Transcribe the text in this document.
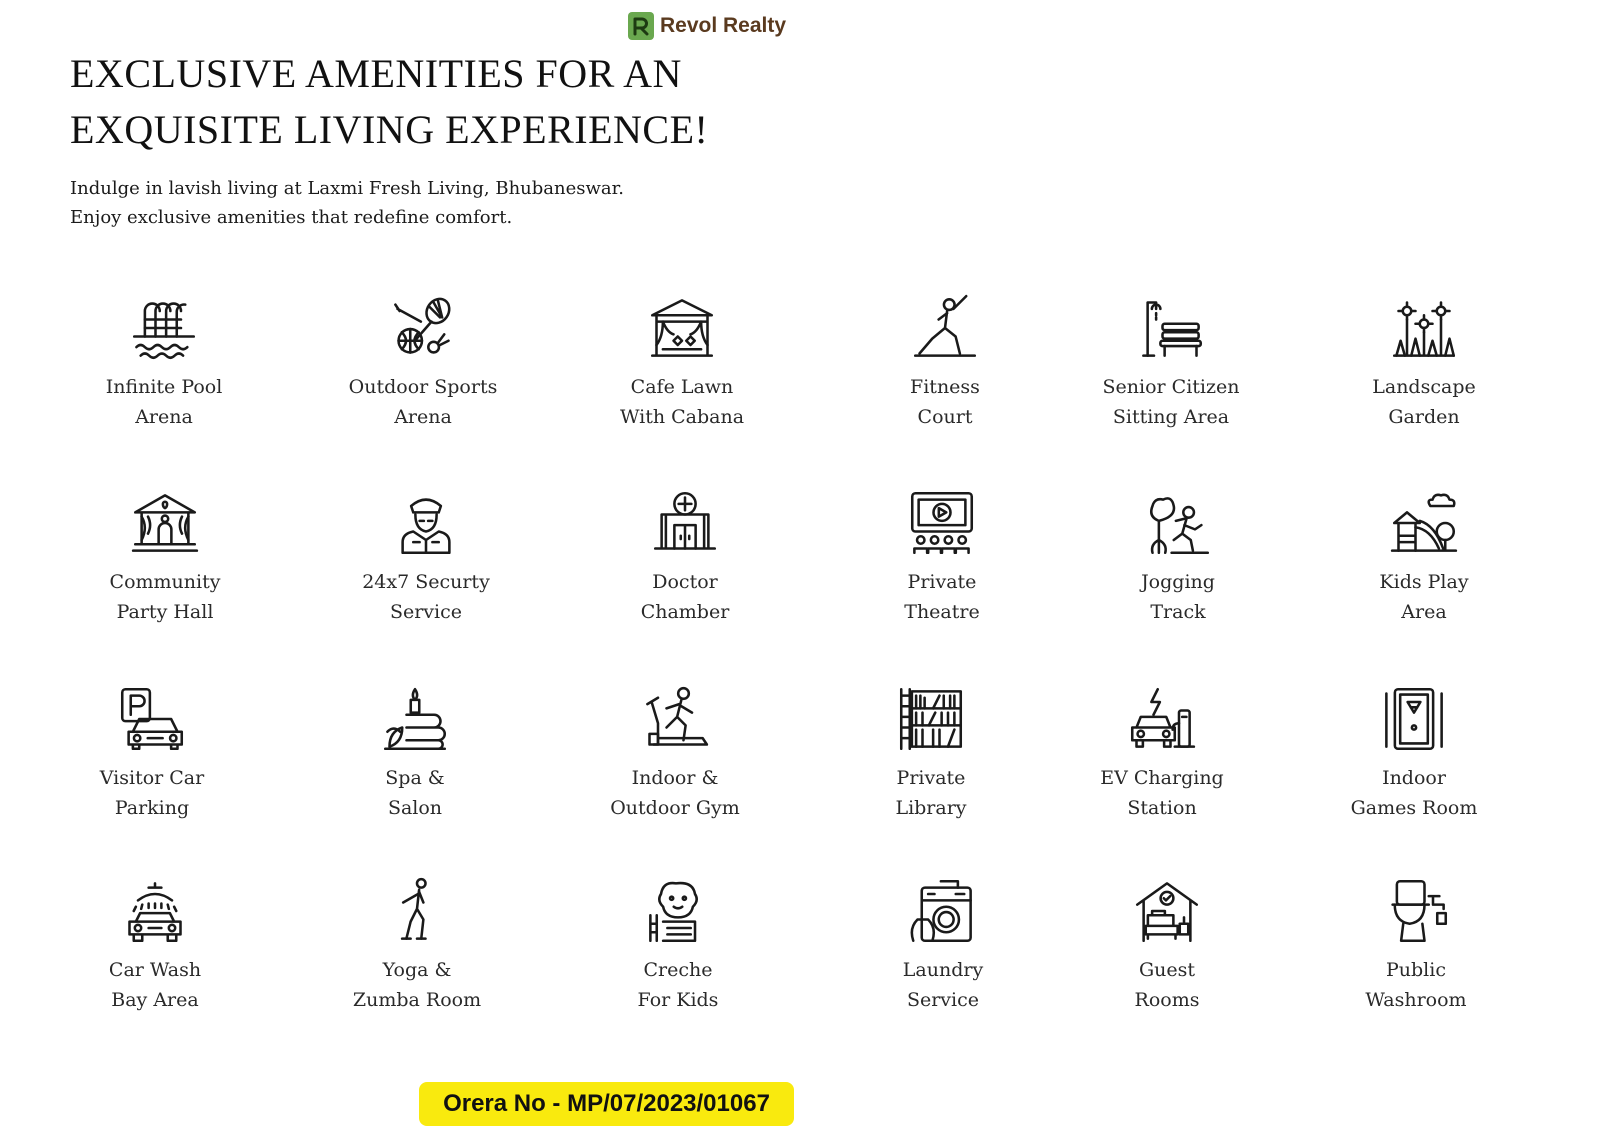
Revol Realty
EXCLUSIVE AMENITIES FOR AN
EXQUISITE LIVING EXPERIENCE!

Indulge in lavish living at Laxmi Fresh Living, Bhubaneswar.
Enjoy exclusive amenities that redefine comfort.

Infinite Pool
Arena
Outdoor Sports
Arena
Cafe Lawn
With Cabana
Fitness
Court
Senior Citizen
Sitting Area
Landscape
Garden
Community
Party Hall
24x7 Securty
Service
Doctor
Chamber
Private
Theatre
Jogging
Track
Kids Play
Area
Visitor Car
Parking
Spa &
Salon
Indoor &
Outdoor Gym
Private
Library
EV Charging
Station
Indoor
Games Room
Car Wash
Bay Area
Yoga &
Zumba Room
Creche
For Kids
Laundry
Service
Guest
Rooms
Public
Washroom
Orera No - MP/07/2023/01067
